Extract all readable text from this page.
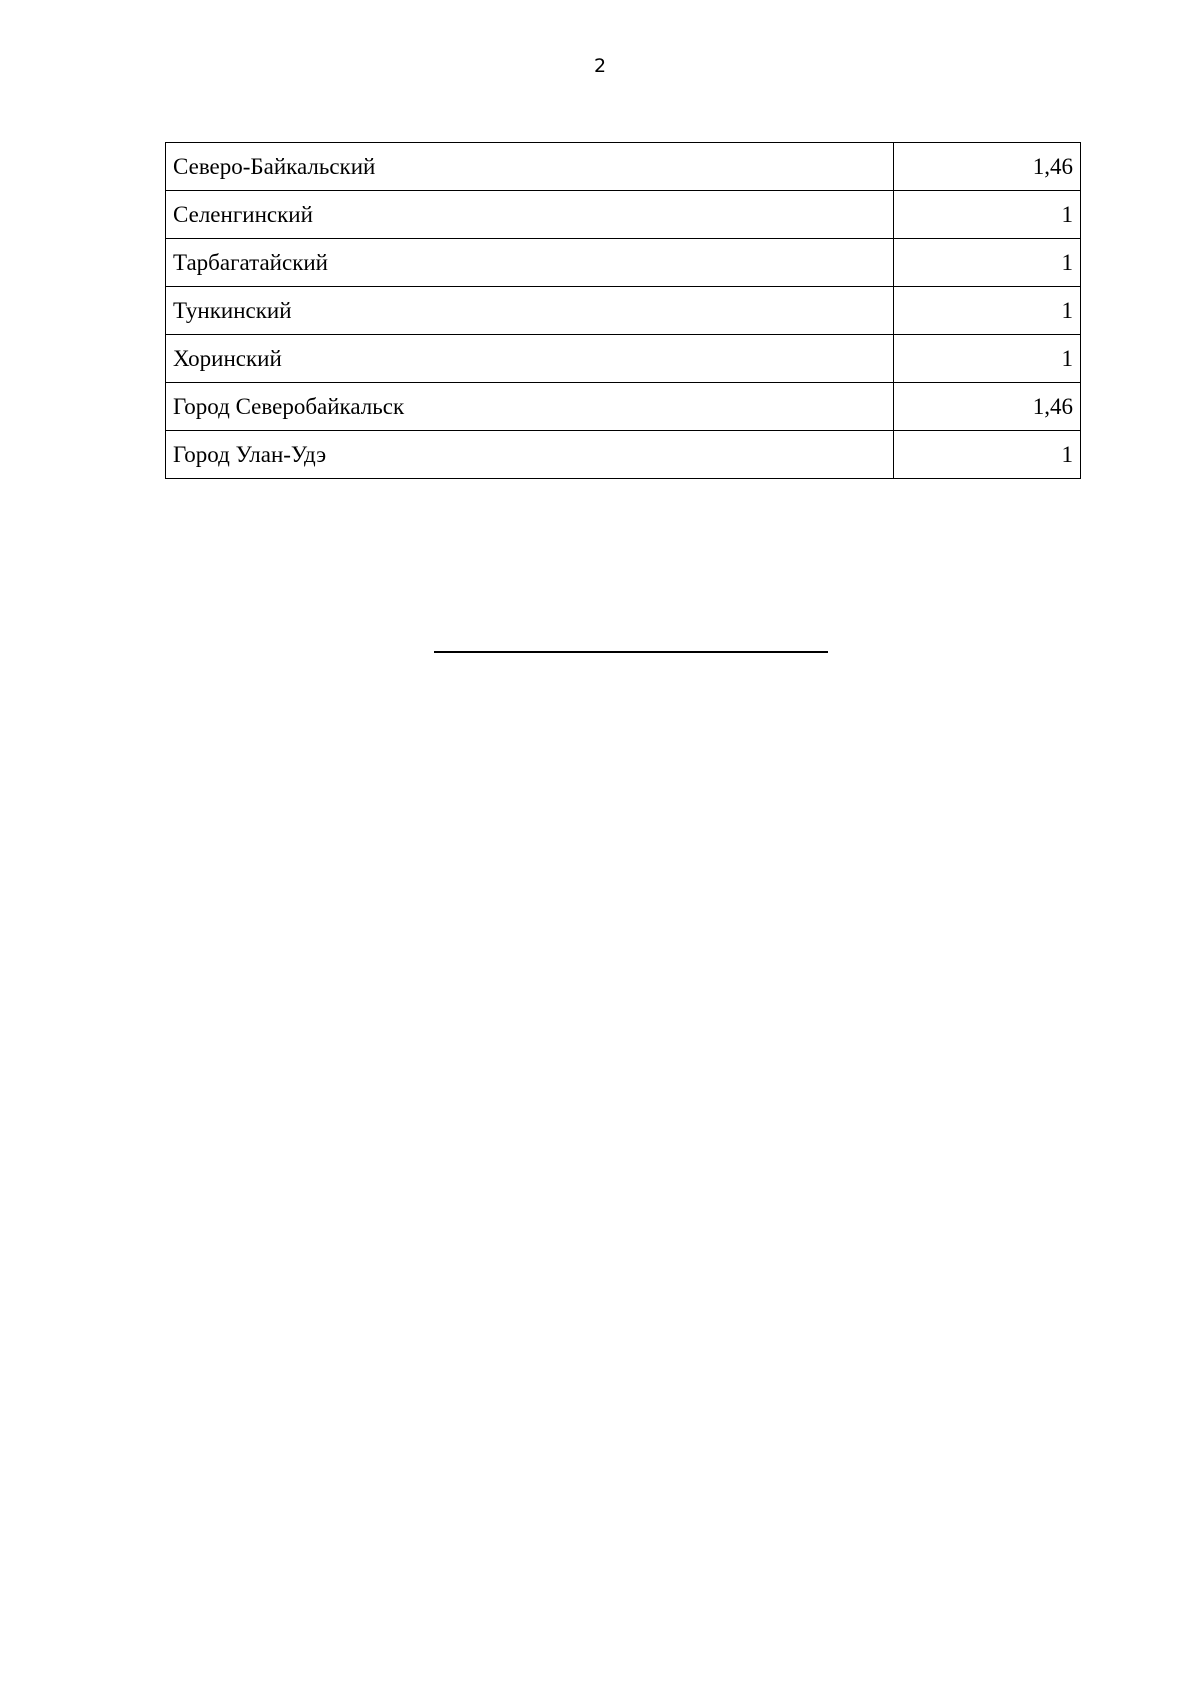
2
Северо-Байкальский	1,46
Селенгинский	1
Тарбагатайский	1
Тункинский	1
Хоринский	1
Город Северобайкальск	1,46
Город Улан-Удэ	1
